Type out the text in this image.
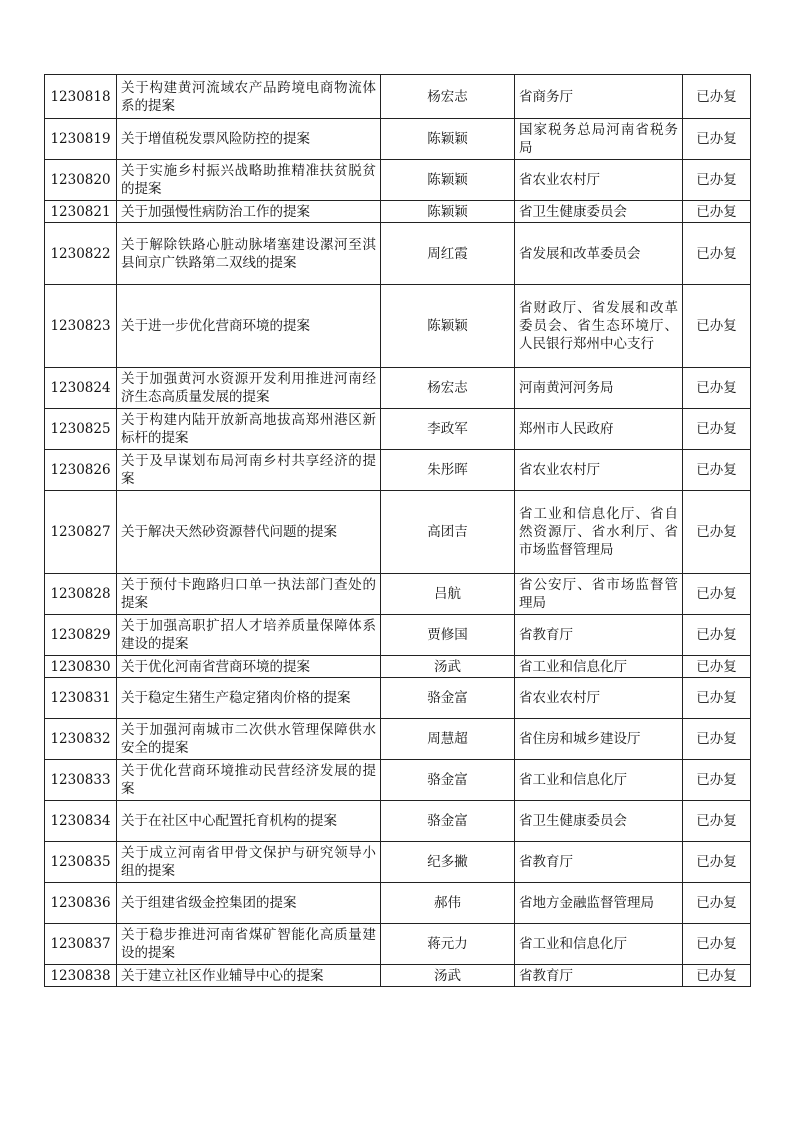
1230818	关于构建黄河流域农产品跨境电商物流体系的提案	杨宏志	省商务厅	已办复
1230819	关于增值税发票风险防控的提案	陈颖颖	国家税务总局河南省税务局	已办复
1230820	关于实施乡村振兴战略助推精准扶贫脱贫的提案	陈颖颖	省农业农村厅	已办复
1230821	关于加强慢性病防治工作的提案	陈颖颖	省卫生健康委员会	已办复
1230822	关于解除铁路心脏动脉堵塞建设漯河至淇县间京广铁路第二双线的提案	周红霞	省发展和改革委员会	已办复
1230823	关于进一步优化营商环境的提案	陈颖颖	省财政厅、省发展和改革委员会、省生态环境厅、人民银行郑州中心支行	已办复
1230824	关于加强黄河水资源开发利用推进河南经济生态高质量发展的提案	杨宏志	河南黄河河务局	已办复
1230825	关于构建内陆开放新高地拔高郑州港区新标杆的提案	李政军	郑州市人民政府	已办复
1230826	关于及早谋划布局河南乡村共享经济的提案	朱彤晖	省农业农村厅	已办复
1230827	关于解决天然砂资源替代问题的提案	高团吉	省工业和信息化厅、省自然资源厅、省水利厅、省市场监督管理局	已办复
1230828	关于预付卡跑路归口单一执法部门查处的提案	吕航	省公安厅、省市场监督管理局	已办复
1230829	关于加强高职扩招人才培养质量保障体系建设的提案	贾修国	省教育厅	已办复
1230830	关于优化河南省营商环境的提案	汤武	省工业和信息化厅	已办复
1230831	关于稳定生猪生产稳定猪肉价格的提案	骆金富	省农业农村厅	已办复
1230832	关于加强河南城市二次供水管理保障供水安全的提案	周慧超	省住房和城乡建设厅	已办复
1230833	关于优化营商环境推动民营经济发展的提案	骆金富	省工业和信息化厅	已办复
1230834	关于在社区中心配置托育机构的提案	骆金富	省卫生健康委员会	已办复
1230835	关于成立河南省甲骨文保护与研究领导小组的提案	纪多撇	省教育厅	已办复
1230836	关于组建省级金控集团的提案	郝伟	省地方金融监督管理局	已办复
1230837	关于稳步推进河南省煤矿智能化高质量建设的提案	蒋元力	省工业和信息化厅	已办复
1230838	关于建立社区作业辅导中心的提案	汤武	省教育厅	已办复
